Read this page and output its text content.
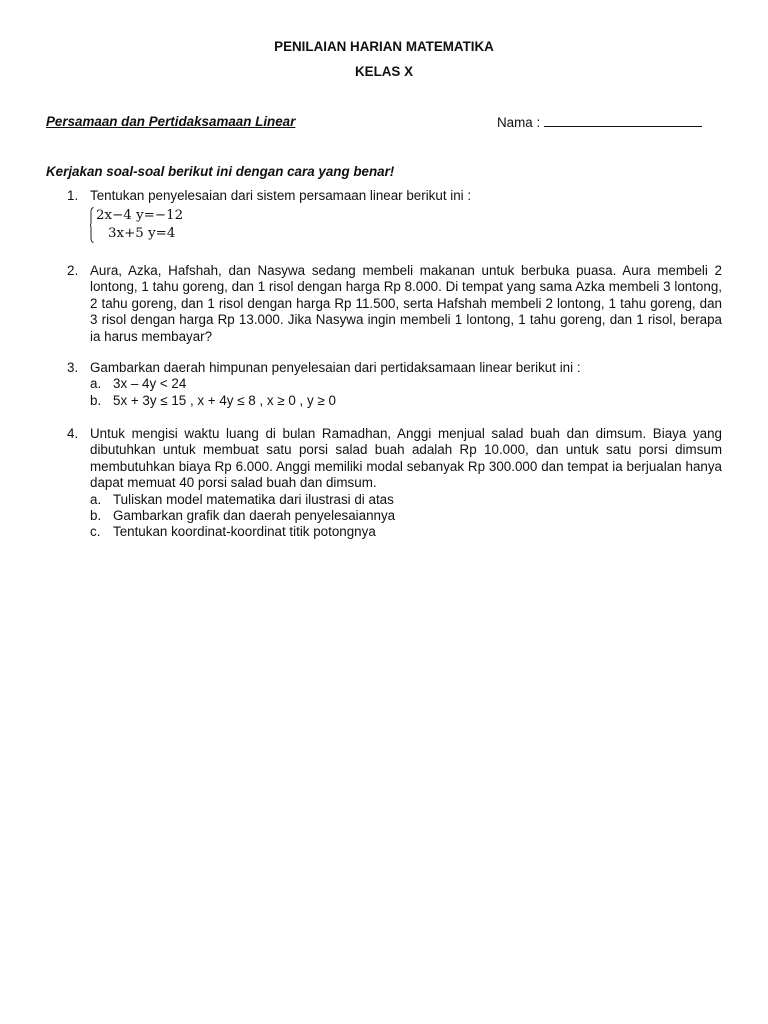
PENILAIAN HARIAN MATEMATIKA
KELAS X
Persamaan dan Pertidaksamaan Linear	Nama :
Kerjakan soal-soal berikut ini dengan cara yang benar!
1. Tentukan penyelesaian dari sistem persamaan linear berikut ini :
2x−4 y=−12
3x+5 y=4
2. Aura, Azka, Hafshah, dan Nasywa sedang membeli makanan untuk berbuka puasa. Aura membeli 2 lontong, 1 tahu goreng, dan 1 risol dengan harga Rp 8.000. Di tempat yang sama Azka membeli 3 lontong, 2 tahu goreng, dan 1 risol dengan harga Rp 11.500, serta Hafshah membeli 2 lontong, 1 tahu goreng, dan 3 risol dengan harga Rp 13.000. Jika Nasywa ingin membeli 1 lontong, 1 tahu goreng, dan 1 risol, berapa ia harus membayar?
3. Gambarkan daerah himpunan penyelesaian dari pertidaksamaan linear berikut ini :
a. 3x – 4y < 24
b. 5x + 3y ≤ 15 , x + 4y ≤ 8 , x ≥ 0 , y ≥ 0
4. Untuk mengisi waktu luang di bulan Ramadhan, Anggi menjual salad buah dan dimsum. Biaya yang dibutuhkan untuk membuat satu porsi salad buah adalah Rp 10.000, dan untuk satu porsi dimsum membutuhkan biaya Rp 6.000. Anggi memiliki modal sebanyak Rp 300.000 dan tempat ia berjualan hanya dapat memuat 40 porsi salad buah dan dimsum.
a. Tuliskan model matematika dari ilustrasi di atas
b. Gambarkan grafik dan daerah penyelesaiannya
c. Tentukan koordinat-koordinat titik potongnya
